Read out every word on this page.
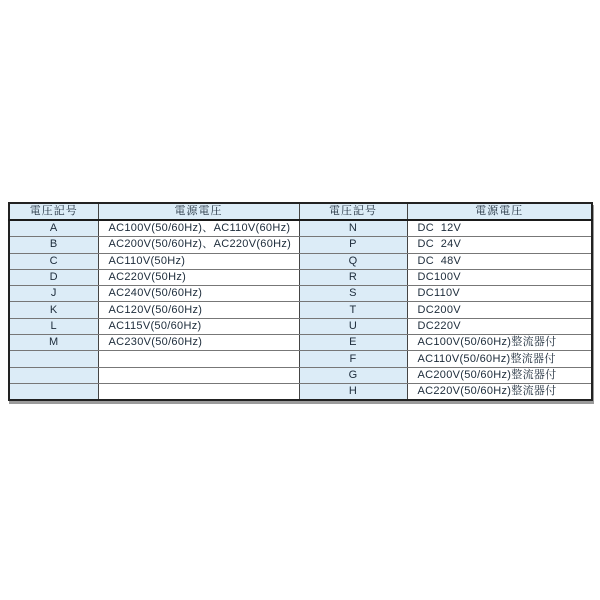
電圧記号	電源電圧	電圧記号	電源電圧
A	AC100V(50/60Hz)、AC110V(60Hz)	N	DC  12V
B	AC200V(50/60Hz)、AC220V(60Hz)	P	DC  24V
C	AC110V(50Hz)	Q	DC  48V
D	AC220V(50Hz)	R	DC100V
J	AC240V(50/60Hz)	S	DC110V
K	AC120V(50/60Hz)	T	DC200V
L	AC115V(50/60Hz)	U	DC220V
M	AC230V(50/60Hz)	E	AC100V(50/60Hz)整流器付
		F	AC110V(50/60Hz)整流器付
		G	AC200V(50/60Hz)整流器付
		H	AC220V(50/60Hz)整流器付
